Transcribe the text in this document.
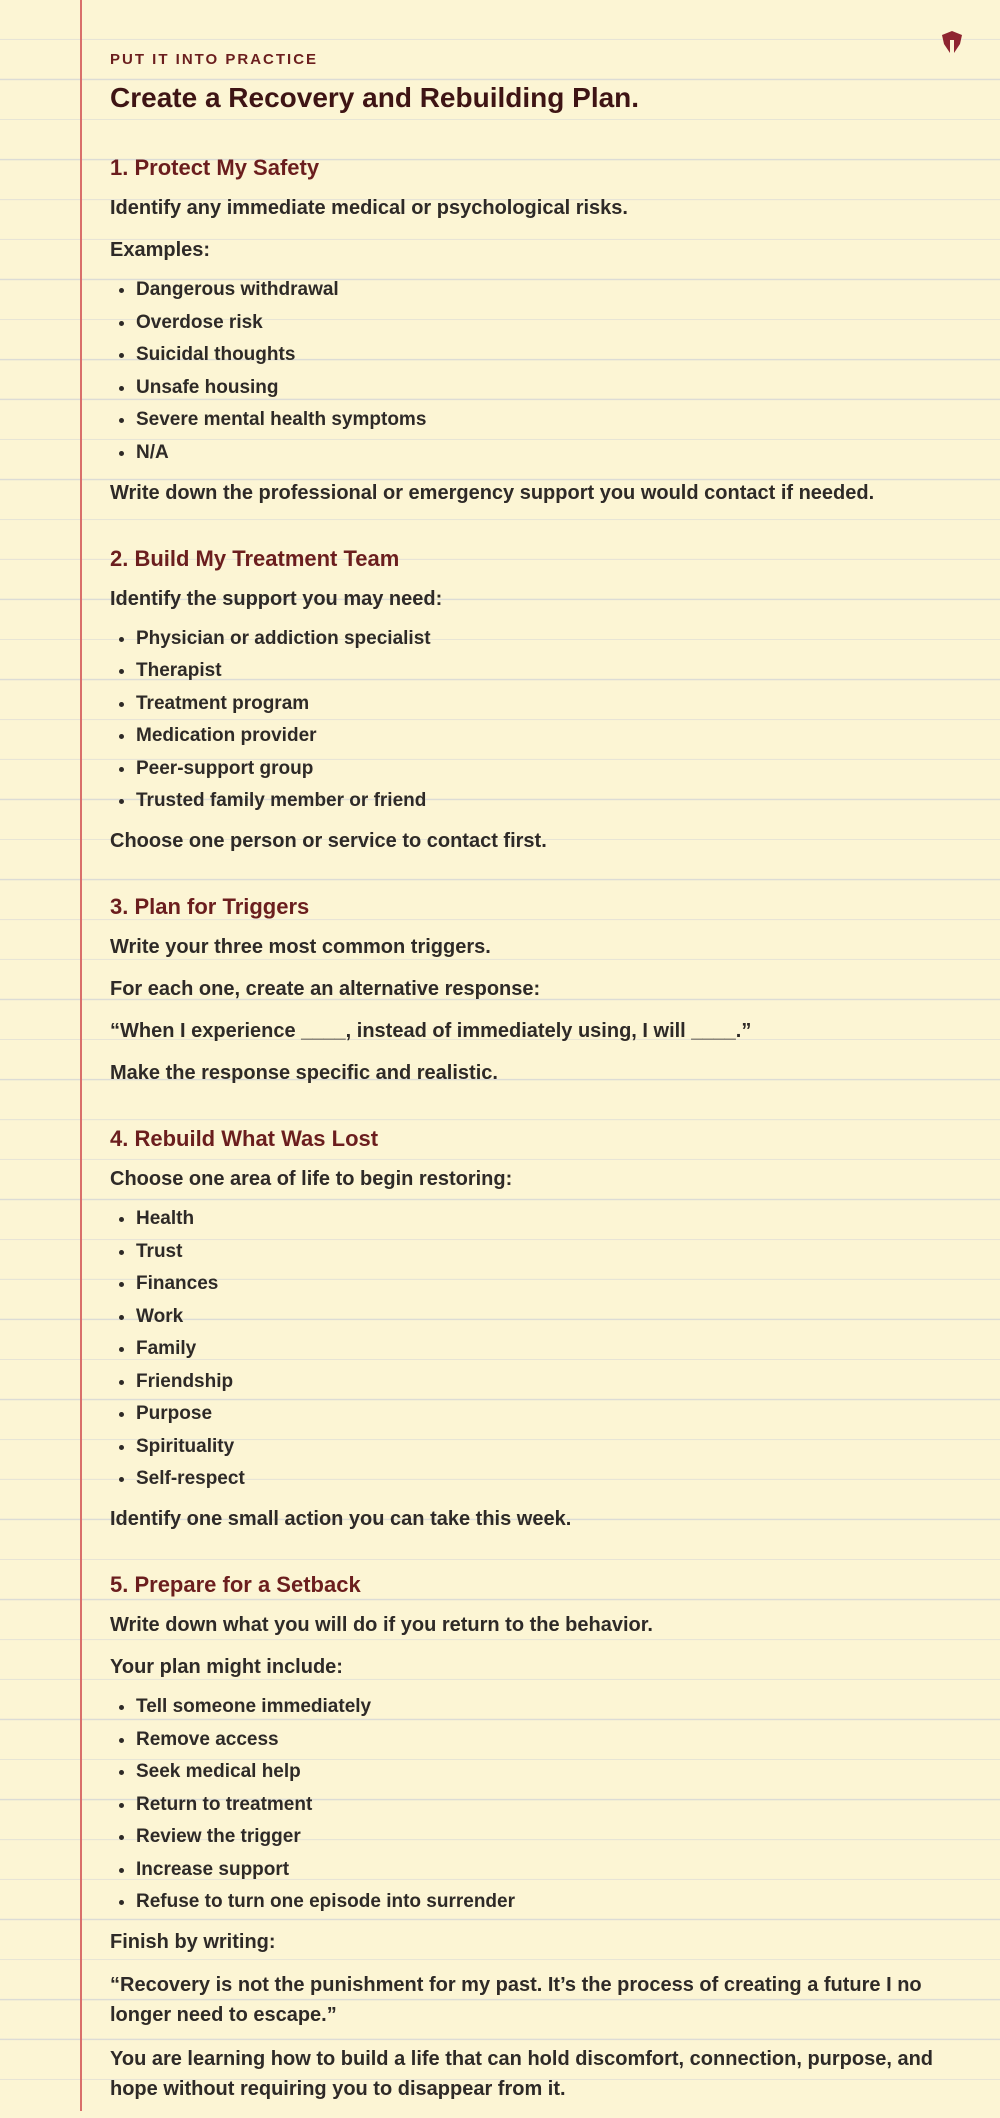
PUT IT INTO PRACTICE

Create a Recovery and Rebuilding Plan.
1. Protect My Safety

Identify any immediate medical or psychological risks.

Examples:

• Dangerous withdrawal
• Overdose risk
• Suicidal thoughts
• Unsafe housing
• Severe mental health symptoms
• N/A

Write down the professional or emergency support you would contact if needed.

2. Build My Treatment Team

Identify the support you may need:

• Physician or addiction specialist
• Therapist
• Treatment program
• Medication provider
• Peer-support group
• Trusted family member or friend

Choose one person or service to contact first.

3. Plan for Triggers

Write your three most common triggers.

For each one, create an alternative response:

“When I experience ____, instead of immediately using, I will ____.”

Make the response specific and realistic.

4. Rebuild What Was Lost

Choose one area of life to begin restoring:

• Health
• Trust
• Finances
• Work
• Family
• Friendship
• Purpose
• Spirituality
• Self-respect

Identify one small action you can take this week.

5. Prepare for a Setback

Write down what you will do if you return to the behavior.

Your plan might include:

• Tell someone immediately
• Remove access
• Seek medical help
• Return to treatment
• Review the trigger
• Increase support
• Refuse to turn one episode into surrender

Finish by writing:

“Recovery is not the punishment for my past. It’s the process of creating a future I no longer need to escape.”

You are learning how to build a life that can hold discomfort, connection, purpose, and hope without requiring you to disappear from it.
